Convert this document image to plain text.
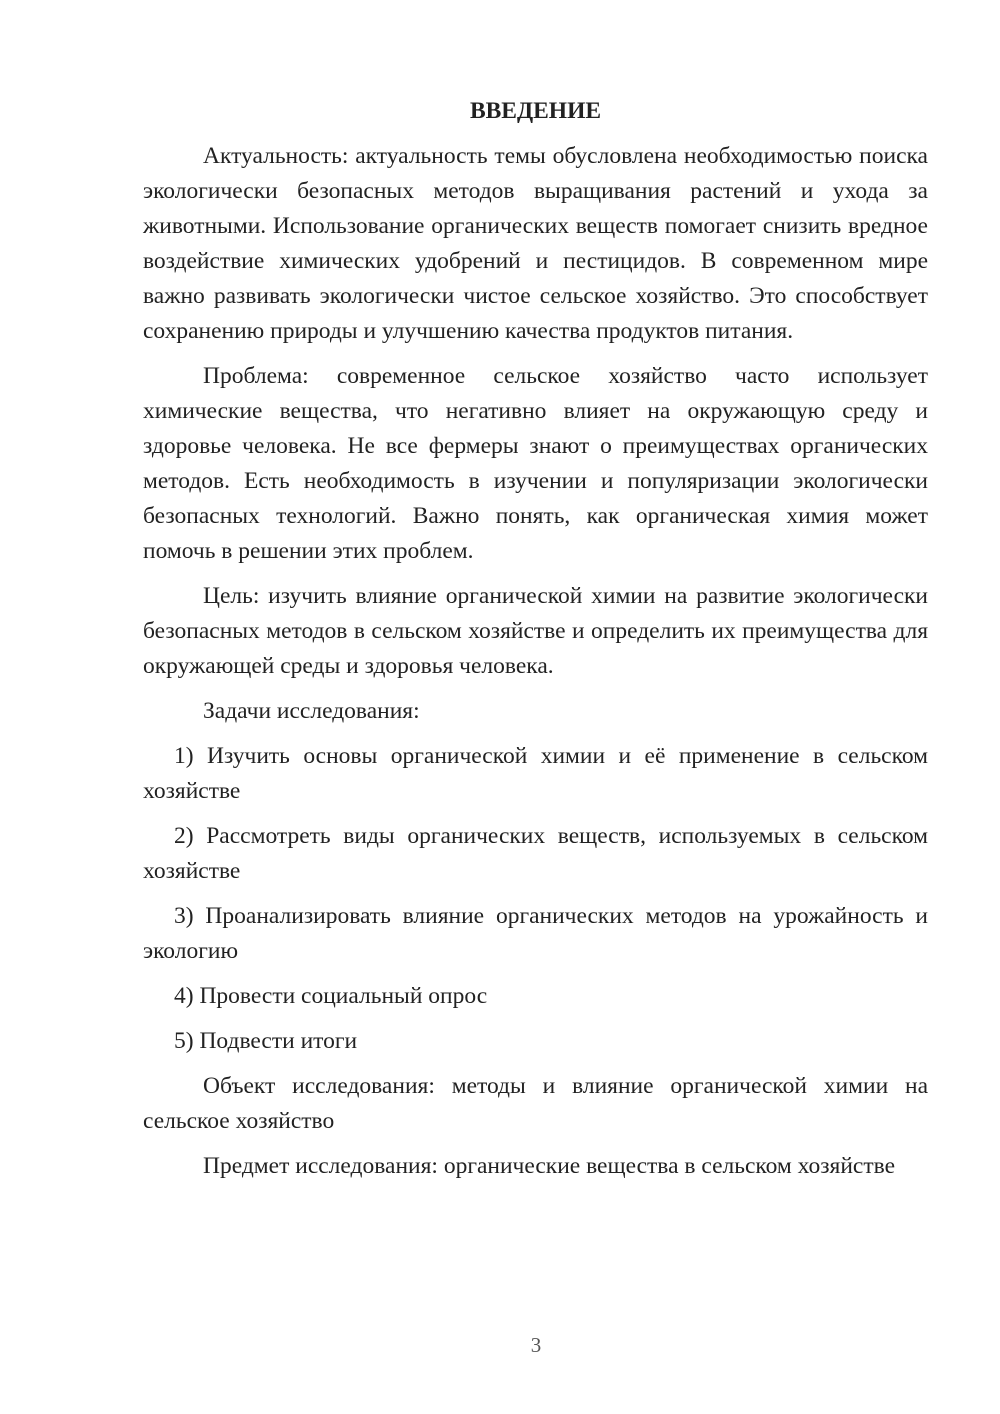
ВВЕДЕНИЕ

Актуальность: актуальность темы обусловлена необходимостью поиска экологически безопасных методов выращивания растений и ухода за животными. Использование органических веществ помогает снизить вредное воздействие химических удобрений и пестицидов. В современном мире важно развивать экологически чистое сельское хозяйство. Это способствует сохранению природы и улучшению качества продуктов питания.

Проблема: современное сельское хозяйство часто использует химические вещества, что негативно влияет на окружающую среду и здоровье человека. Не все фермеры знают о преимуществах органических методов. Есть необходимость в изучении и популяризации экологически безопасных технологий. Важно понять, как органическая химия может помочь в решении этих проблем.

Цель: изучить влияние органической химии на развитие экологически безопасных методов в сельском хозяйстве и определить их преимущества для окружающей среды и здоровья человека.

Задачи исследования:

1) Изучить основы органической химии и её применение в сельском хозяйстве

2) Рассмотреть виды органических веществ, используемых в сельском хозяйстве

3) Проанализировать влияние органических методов на урожайность и экологию

4) Провести социальный опрос

5) Подвести итоги

Объект исследования: методы и влияние органической химии на сельское хозяйство

Предмет исследования: органические вещества в сельском хозяйстве

3
